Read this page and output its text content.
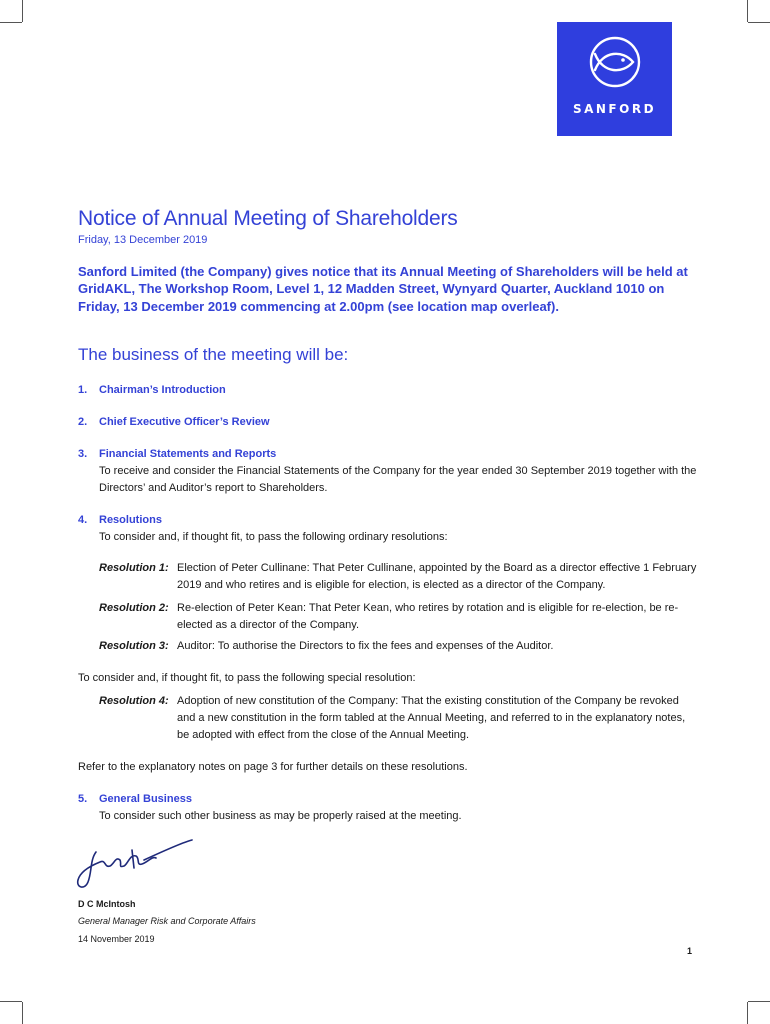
SANFORD
Notice of Annual Meeting of Shareholders
Friday, 13 December 2019
Sanford Limited (the Company) gives notice that its Annual Meeting of Shareholders will be held at GridAKL, The Workshop Room, Level 1, 12 Madden Street, Wynyard Quarter, Auckland 1010 on Friday, 13 December 2019 commencing at 2.00pm (see location map overleaf).
The business of the meeting will be:
1.	Chairman’s Introduction
2.	Chief Executive Officer’s Review
3.	Financial Statements and Reports
To receive and consider the Financial Statements of the Company for the year ended 30 September 2019 together with the Directors’ and Auditor’s report to Shareholders.
4.	Resolutions
To consider and, if thought fit, to pass the following ordinary resolutions:
Resolution 1: Election of Peter Cullinane: That Peter Cullinane, appointed by the Board as a director effective 1 February 2019 and who retires and is eligible for election, is elected as a director of the Company.
Resolution 2: Re-election of Peter Kean: That Peter Kean, who retires by rotation and is eligible for re-election, be re-elected as a director of the Company.
Resolution 3: Auditor: To authorise the Directors to fix the fees and expenses of the Auditor.
To consider and, if thought fit, to pass the following special resolution:
Resolution 4: Adoption of new constitution of the Company: That the existing constitution of the Company be revoked and a new constitution in the form tabled at the Annual Meeting, and referred to in the explanatory notes, be adopted with effect from the close of the Annual Meeting.
Refer to the explanatory notes on page 3 for further details on these resolutions.
5.	General Business
To consider such other business as may be properly raised at the meeting.
D C McIntosh
General Manager Risk and Corporate Affairs
14 November 2019
1
